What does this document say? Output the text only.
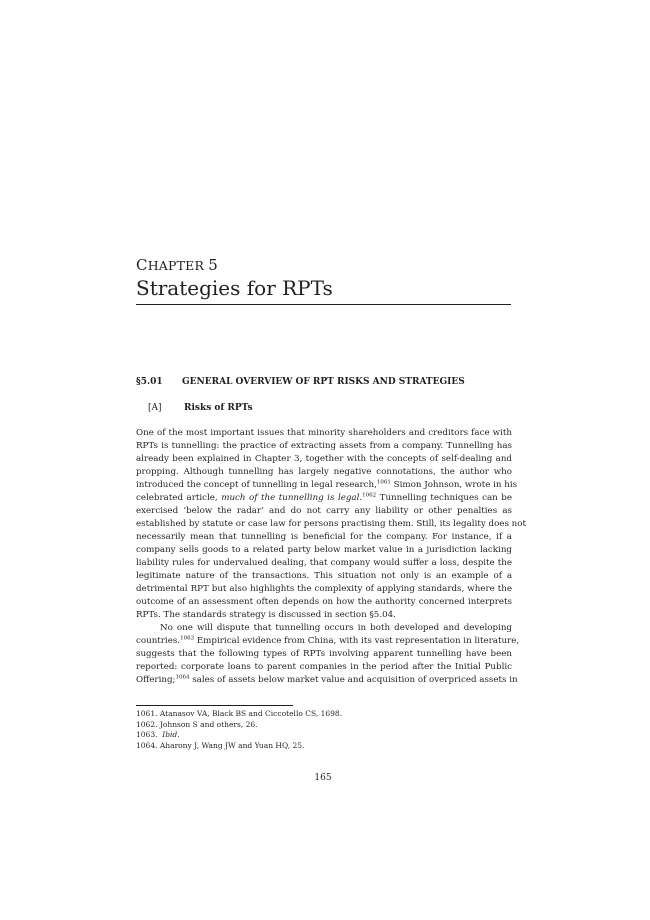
CHAPTER 5
Strategies for RPTs
§5.01 GENERAL OVERVIEW OF RPT RISKS AND STRATEGIES
[A] Risks of RPTs
One of the most important issues that minority shareholders and creditors face with
RPTs is tunnelling: the practice of extracting assets from a company. Tunnelling has
already been explained in Chapter 3, together with the concepts of self-dealing and
propping. Although tunnelling has largely negative connotations, the author who
introduced the concept of tunnelling in legal research,$^{1061}$ Simon Johnson, wrote in his
celebrated article, much of the tunnelling is legal.$^{1062}$ Tunnelling techniques can be
exercised ‘below the radar’ and do not carry any liability or other penalties as
established by statute or case law for persons practising them. Still, its legality does not
necessarily mean that tunnelling is beneficial for the company. For instance, if a
company sells goods to a related party below market value in a jurisdiction lacking
liability rules for undervalued dealing, that company would suffer a loss, despite the
legitimate nature of the transactions. This situation not only is an example of a
detrimental RPT but also highlights the complexity of applying standards, where the
outcome of an assessment often depends on how the authority concerned interprets
RPTs. The standards strategy is discussed in section §5.04.
No one will dispute that tunnelling occurs in both developed and developing
countries.$^{1063}$ Empirical evidence from China, with its vast representation in literature,
suggests that the following types of RPTs involving apparent tunnelling have been
reported: corporate loans to parent companies in the period after the Initial Public
Offering;$^{1064}$ sales of assets below market value and acquisition of overpriced assets in
1061. Atanasov VA, Black BS and Ciccotello CS, 1698.
1062. Johnson S and others, 26.
1063. Ibid.
1064. Aharony J, Wang JW and Yuan HQ, 25.
165
